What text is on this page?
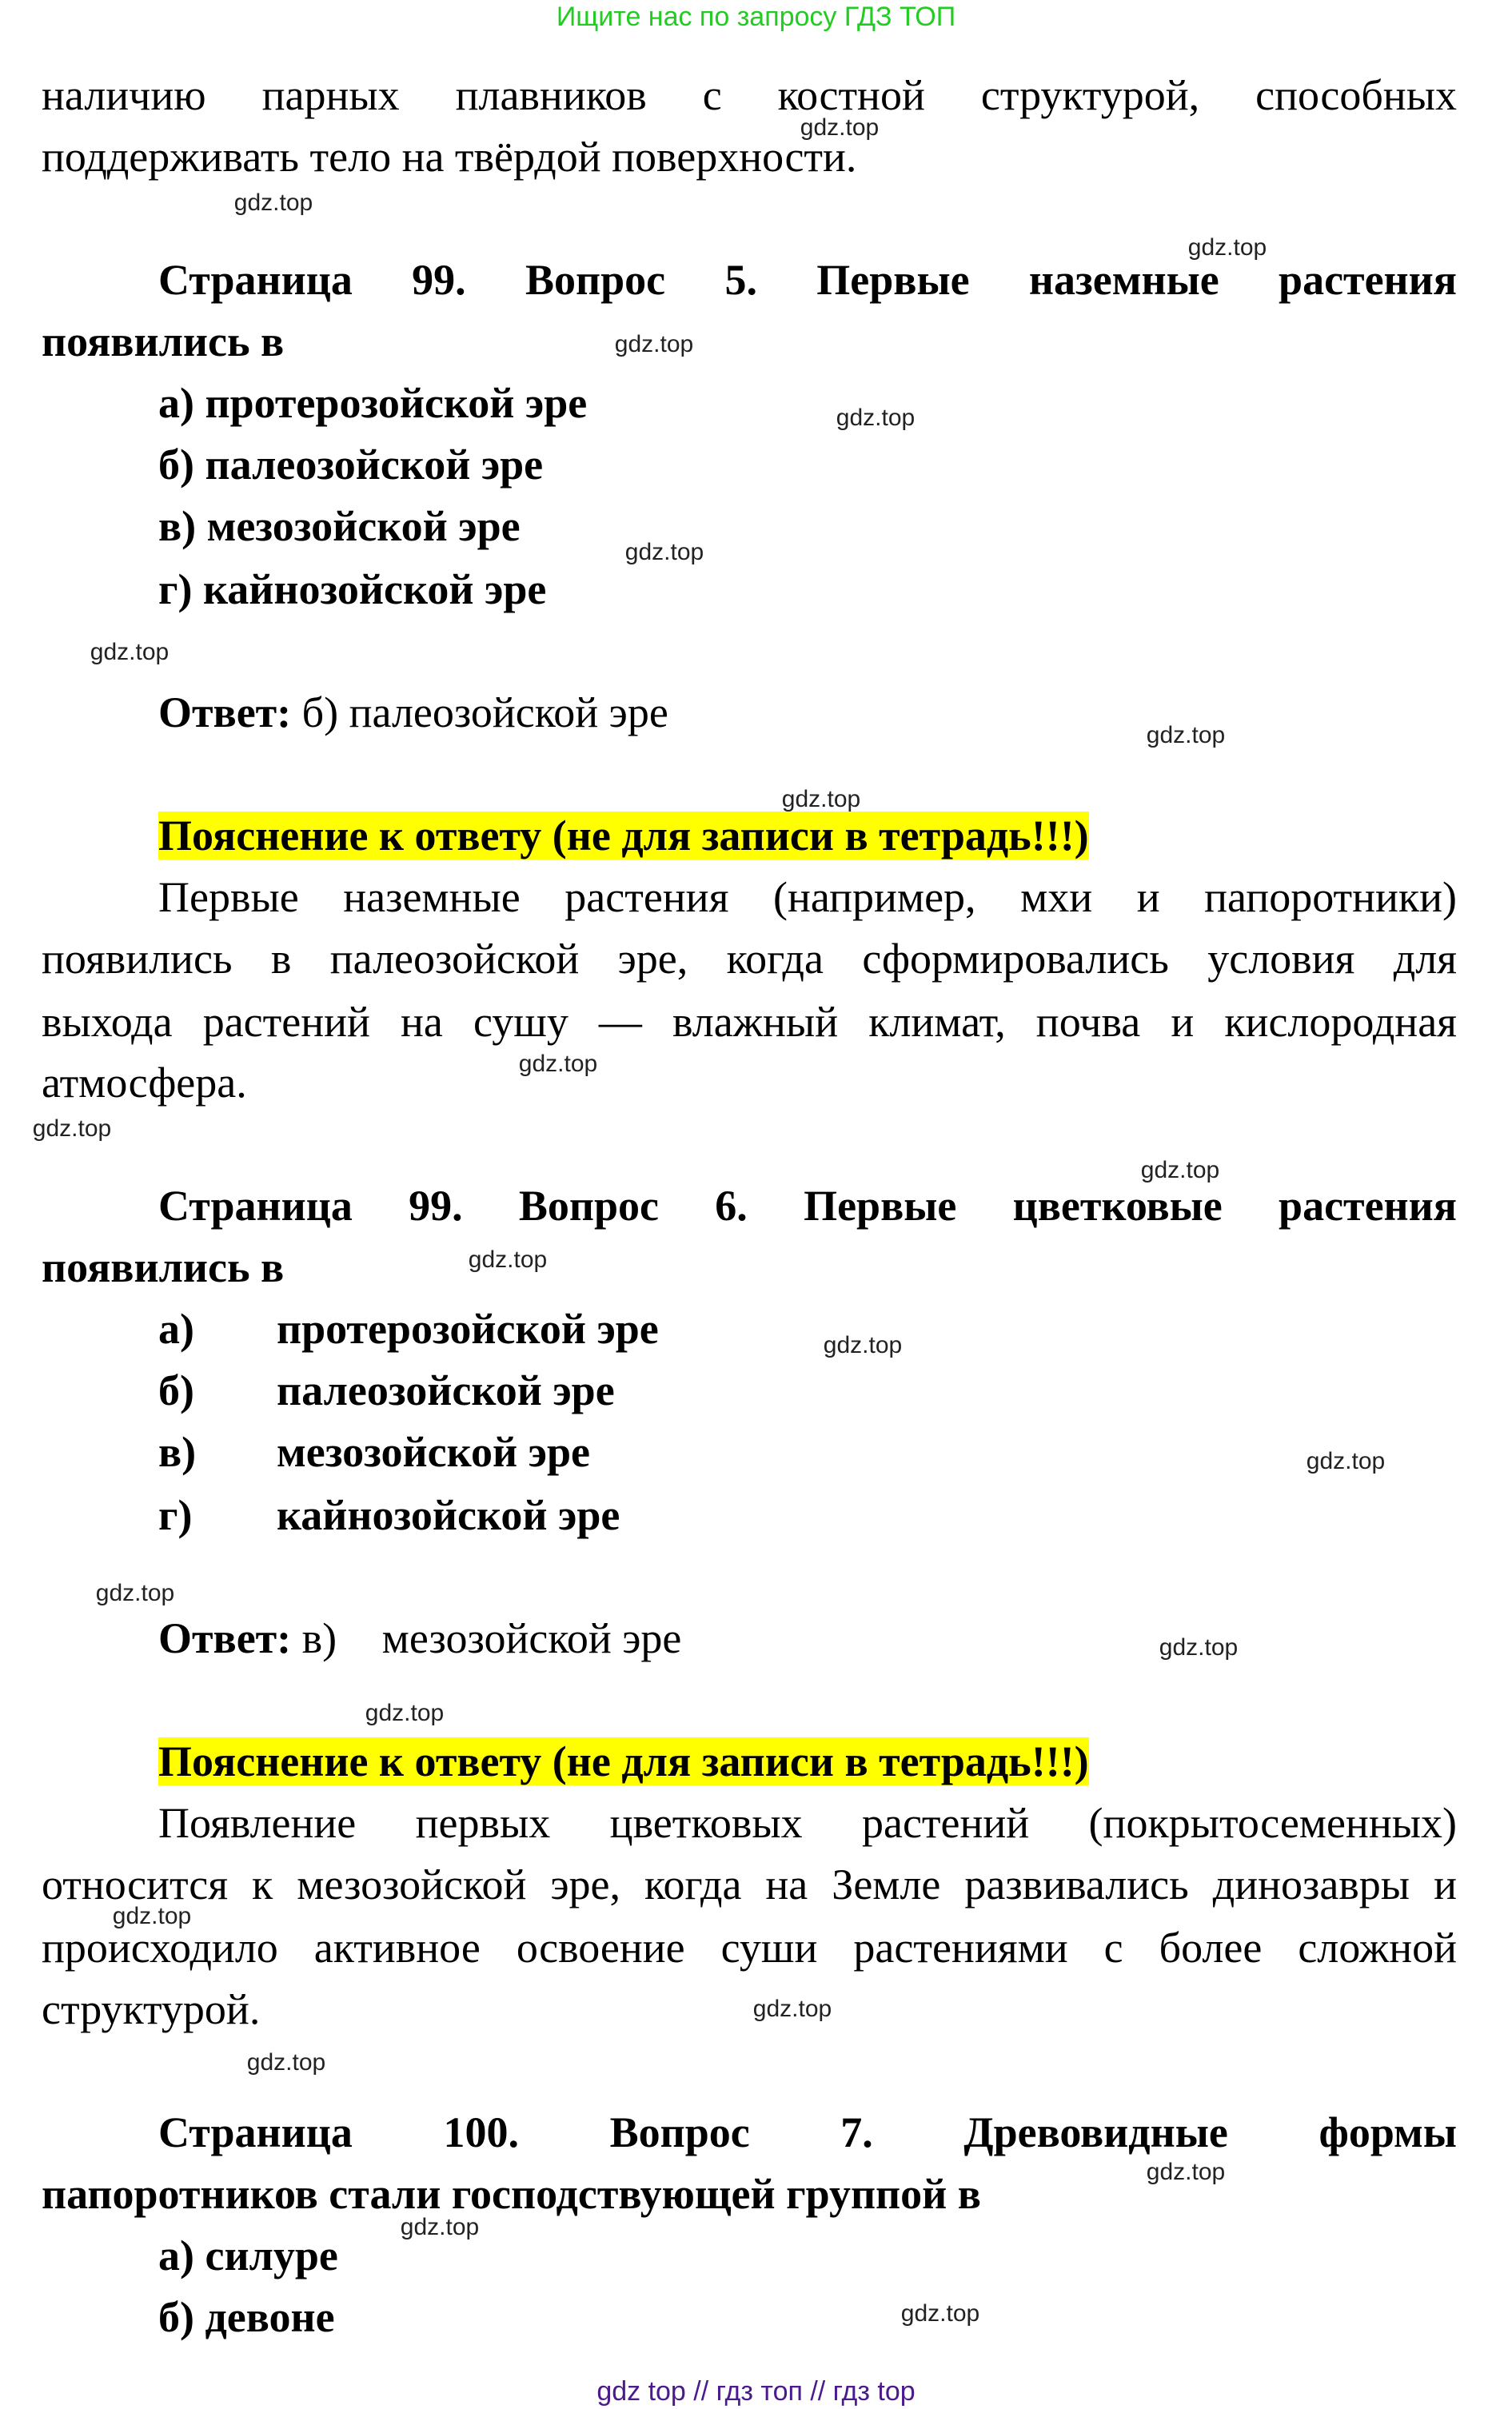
Ищите нас по запросу ГДЗ ТОП
наличию парных плавников с костной структурой, способных
поддерживать тело на твёрдой поверхности.
Страница 99. Вопрос 5. Первые наземные растения
появились в
а) протерозойской эре
б) палеозойской эре
в) мезозойской эре
г) кайнозойской эре
Ответ: б) палеозойской эре
Пояснение к ответу (не для записи в тетрадь!!!)
Первые наземные растения (например, мхи и папоротники)
появились в палеозойской эре, когда сформировались условия для
выхода растений на сушу — влажный климат, почва и кислородная
атмосфера.
Страница 99. Вопрос 6. Первые цветковые растения
появились в
а) протерозойской эре
б) палеозойской эре
в) мезозойской эре
г) кайнозойской эре
Ответ: в) мезозойской эре
Пояснение к ответу (не для записи в тетрадь!!!)
Появление первых цветковых растений (покрытосеменных)
относится к мезозойской эре, когда на Земле развивались динозавры и
происходило активное освоение суши растениями с более сложной
структурой.
Страница 100. Вопрос 7. Древовидные формы
папоротников стали господствующей группой в
а) силуре
б) девоне
gdz top // гдз топ // гдз top
gdz.top
gdz.top
gdz.top
gdz.top
gdz.top
gdz.top
gdz.top
gdz.top
gdz.top
gdz.top
gdz.top
gdz.top
gdz.top
gdz.top
gdz.top
gdz.top
gdz.top
gdz.top
gdz.top
gdz.top
gdz.top
gdz.top
gdz.top
gdz.top
